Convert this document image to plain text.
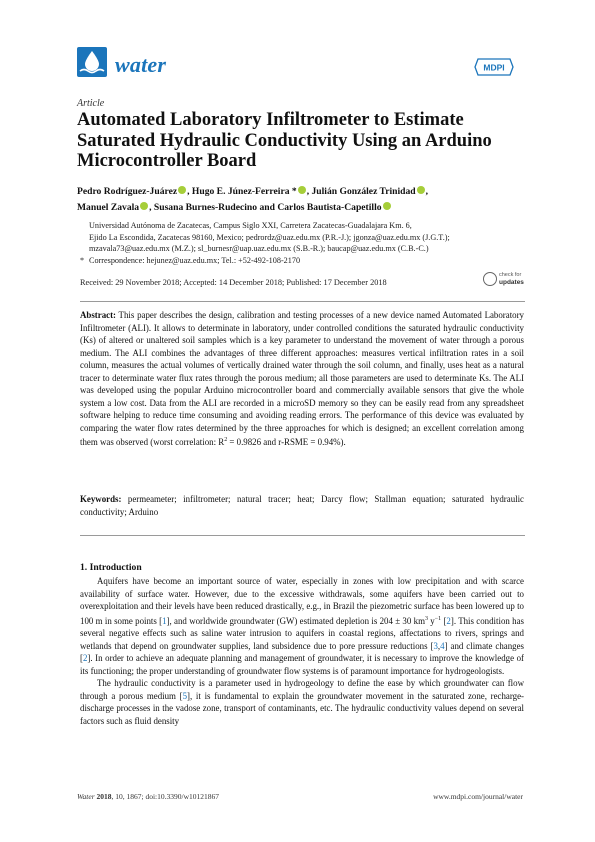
water	MDPI
Article
Automated Laboratory Infiltrometer to Estimate Saturated Hydraulic Conductivity Using an Arduino Microcontroller Board
Pedro Rodríguez-Juárez , Hugo E. Júnez-Ferreira * , Julián González Trinidad ,
Manuel Zavala , Susana Burnes-Rudecino and Carlos Bautista-Capetillo
Universidad Autónoma de Zacatecas, Campus Siglo XXI, Carretera Zacatecas-Guadalajara Km. 6,
Ejido La Escondida, Zacatecas 98160, Mexico; pedrordz@uaz.edu.mx (P.R.-J.); jgonza@uaz.edu.mx (J.G.T.);
mzavala73@uaz.edu.mx (M.Z.); sl_burnesr@uap.uaz.edu.mx (S.B.-R.); baucap@uaz.edu.mx (C.B.-C.)
* Correspondence: hejunez@uaz.edu.mx; Tel.: +52-492-108-2170
Received: 29 November 2018; Accepted: 14 December 2018; Published: 17 December 2018
check for
updates

Abstract: This paper describes the design, calibration and testing processes of a new device named Automated Laboratory Infiltrometer (ALI). It allows to determinate in laboratory, under controlled conditions the saturated hydraulic conductivity (Ks) of altered or unaltered soil samples which is a key parameter to understand the movement of water through a porous medium. The ALI combines the advantages of three different approaches: measures vertical infiltration rates in a soil column, measures the actual volumes of vertically drained water through the soil column, and finally, uses heat as a natural tracer to determinate water flux rates through the porous medium; all those parameters are used to determinate Ks. The ALI was developed using the popular Arduino microcontroller board and commercially available sensors that give the whole system a low cost. Data from the ALI are recorded in a microSD memory so they can be easily read from any spreadsheet software helping to reduce time consuming and avoiding reading errors. The performance of this device was evaluated by comparing the water flow rates determined by the three approaches for which is designed; an excellent correlation among them was observed (worst correlation: $R^2 = 0.9826$ and r-RSME = 0.94%).

Keywords: permeameter; infiltrometer; natural tracer; heat; Darcy flow; Stallman equation; saturated hydraulic conductivity; Arduino

1. Introduction

Aquifers have become an important source of water, especially in zones with low precipitation and with scarce availability of surface water. However, due to the excessive withdrawals, some aquifers have been carried out to overexploitation and their levels have been reduced drastically, e.g., in Brazil the piezometric surface has been lowered up to 100 m in some points [1], and worldwide groundwater (GW) estimated depletion is 204 ± 30 $km^3$ $y^{-1}$ [2]. This condition has several negative effects such as saline water intrusion to aquifers in coastal regions, affectations to rivers, springs and wetlands that depend on groundwater supplies, land subsidence due to pore pressure reductions [3,4] and climate changes [2]. In order to achieve an adequate planning and management of groundwater, it is necessary to improve the knowledge of its functioning; the proper understanding of groundwater flow systems is of paramount importance for hydrogeologists.

The hydraulic conductivity is a parameter used in hydrogeology to define the ease by which groundwater can flow through a porous medium [5], it is fundamental to explain the groundwater movement in the saturated zone, recharge-discharge processes in the vadose zone, transport of contaminants, etc. The hydraulic conductivity values depend on several factors such as fluid density

Water 2018, 10, 1867; doi:10.3390/w10121867	www.mdpi.com/journal/water
